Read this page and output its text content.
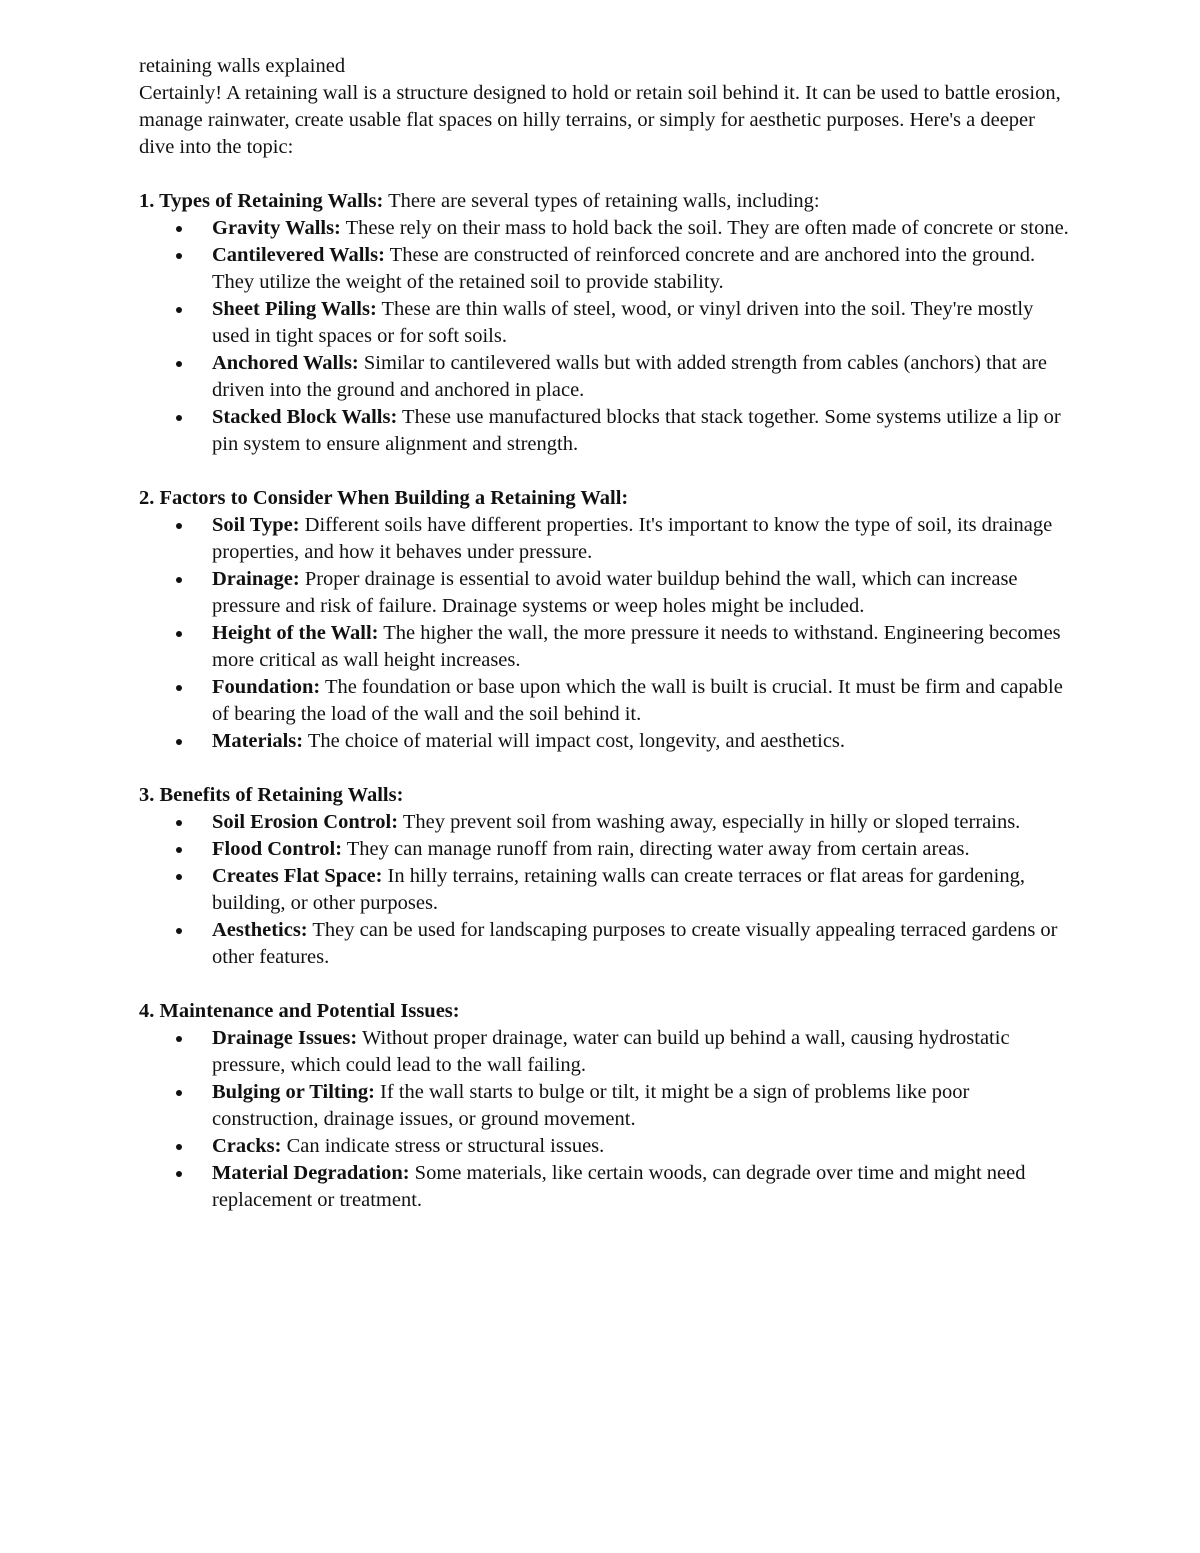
retaining walls explained

Certainly! A retaining wall is a structure designed to hold or retain soil behind it. It can be used to battle erosion, manage rainwater, create usable flat spaces on hilly terrains, or simply for aesthetic purposes. Here's a deeper dive into the topic:

1. Types of Retaining Walls: There are several types of retaining walls, including:

Gravity Walls: These rely on their mass to hold back the soil. They are often made of concrete or stone.
Cantilevered Walls: These are constructed of reinforced concrete and are anchored into the ground. They utilize the weight of the retained soil to provide stability.
Sheet Piling Walls: These are thin walls of steel, wood, or vinyl driven into the soil. They're mostly used in tight spaces or for soft soils.
Anchored Walls: Similar to cantilevered walls but with added strength from cables (anchors) that are driven into the ground and anchored in place.
Stacked Block Walls: These use manufactured blocks that stack together. Some systems utilize a lip or pin system to ensure alignment and strength.

2. Factors to Consider When Building a Retaining Wall:

Soil Type: Different soils have different properties. It's important to know the type of soil, its drainage properties, and how it behaves under pressure.
Drainage: Proper drainage is essential to avoid water buildup behind the wall, which can increase pressure and risk of failure. Drainage systems or weep holes might be included.
Height of the Wall: The higher the wall, the more pressure it needs to withstand. Engineering becomes more critical as wall height increases.
Foundation: The foundation or base upon which the wall is built is crucial. It must be firm and capable of bearing the load of the wall and the soil behind it.
Materials: The choice of material will impact cost, longevity, and aesthetics.

3. Benefits of Retaining Walls:

Soil Erosion Control: They prevent soil from washing away, especially in hilly or sloped terrains.
Flood Control: They can manage runoff from rain, directing water away from certain areas.
Creates Flat Space: In hilly terrains, retaining walls can create terraces or flat areas for gardening, building, or other purposes.
Aesthetics: They can be used for landscaping purposes to create visually appealing terraced gardens or other features.

4. Maintenance and Potential Issues:

Drainage Issues: Without proper drainage, water can build up behind a wall, causing hydrostatic pressure, which could lead to the wall failing.
Bulging or Tilting: If the wall starts to bulge or tilt, it might be a sign of problems like poor construction, drainage issues, or ground movement.
Cracks: Can indicate stress or structural issues.
Material Degradation: Some materials, like certain woods, can degrade over time and might need replacement or treatment.
